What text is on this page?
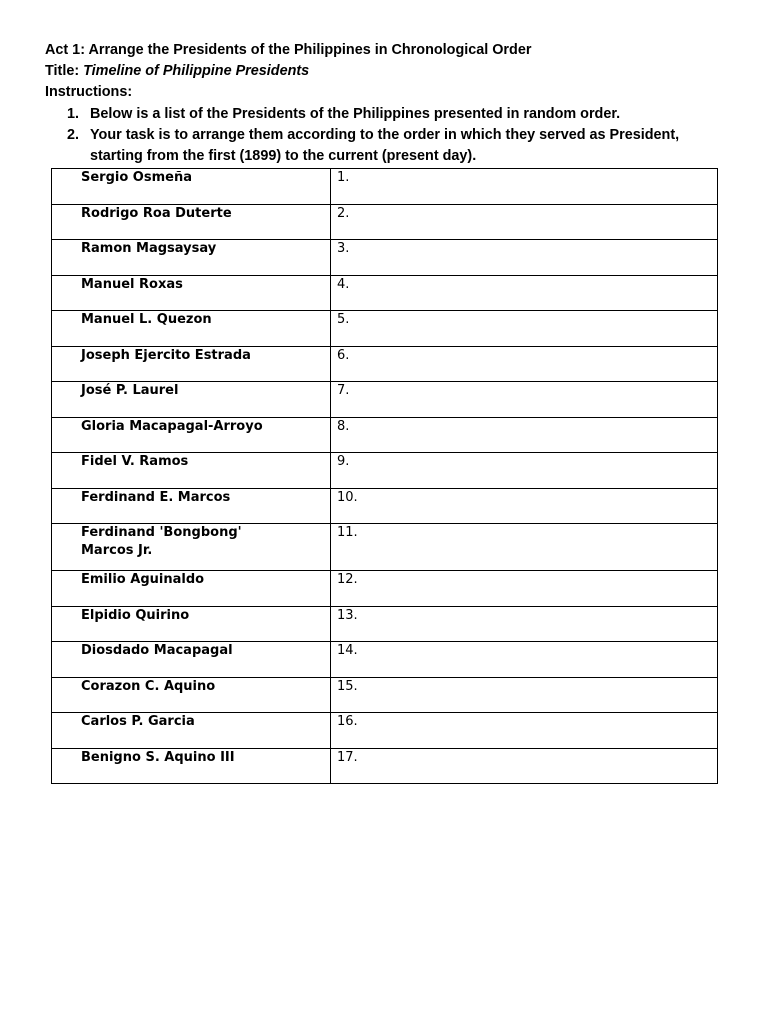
Act 1: Arrange the Presidents of the Philippines in Chronological Order

Title: Timeline of Philippine Presidents

Instructions:

1. Below is a list of the Presidents of the Philippines presented in random order.
2. Your task is to arrange them according to the order in which they served as President,
starting from the first (1899) to the current (present day).
Sergio Osmeña	1.
Rodrigo Roa Duterte	2.
Ramon Magsaysay	3.
Manuel Roxas	4.
Manuel L. Quezon	5.
Joseph Ejercito Estrada	6.
José P. Laurel	7.
Gloria Macapagal-Arroyo	8.
Fidel V. Ramos	9.
Ferdinand E. Marcos	10.
Ferdinand 'Bongbong'
Marcos Jr.	11.
Emilio Aguinaldo	12.
Elpidio Quirino	13.
Diosdado Macapagal	14.
Corazon C. Aquino	15.
Carlos P. Garcia	16.
Benigno S. Aquino III	17.
